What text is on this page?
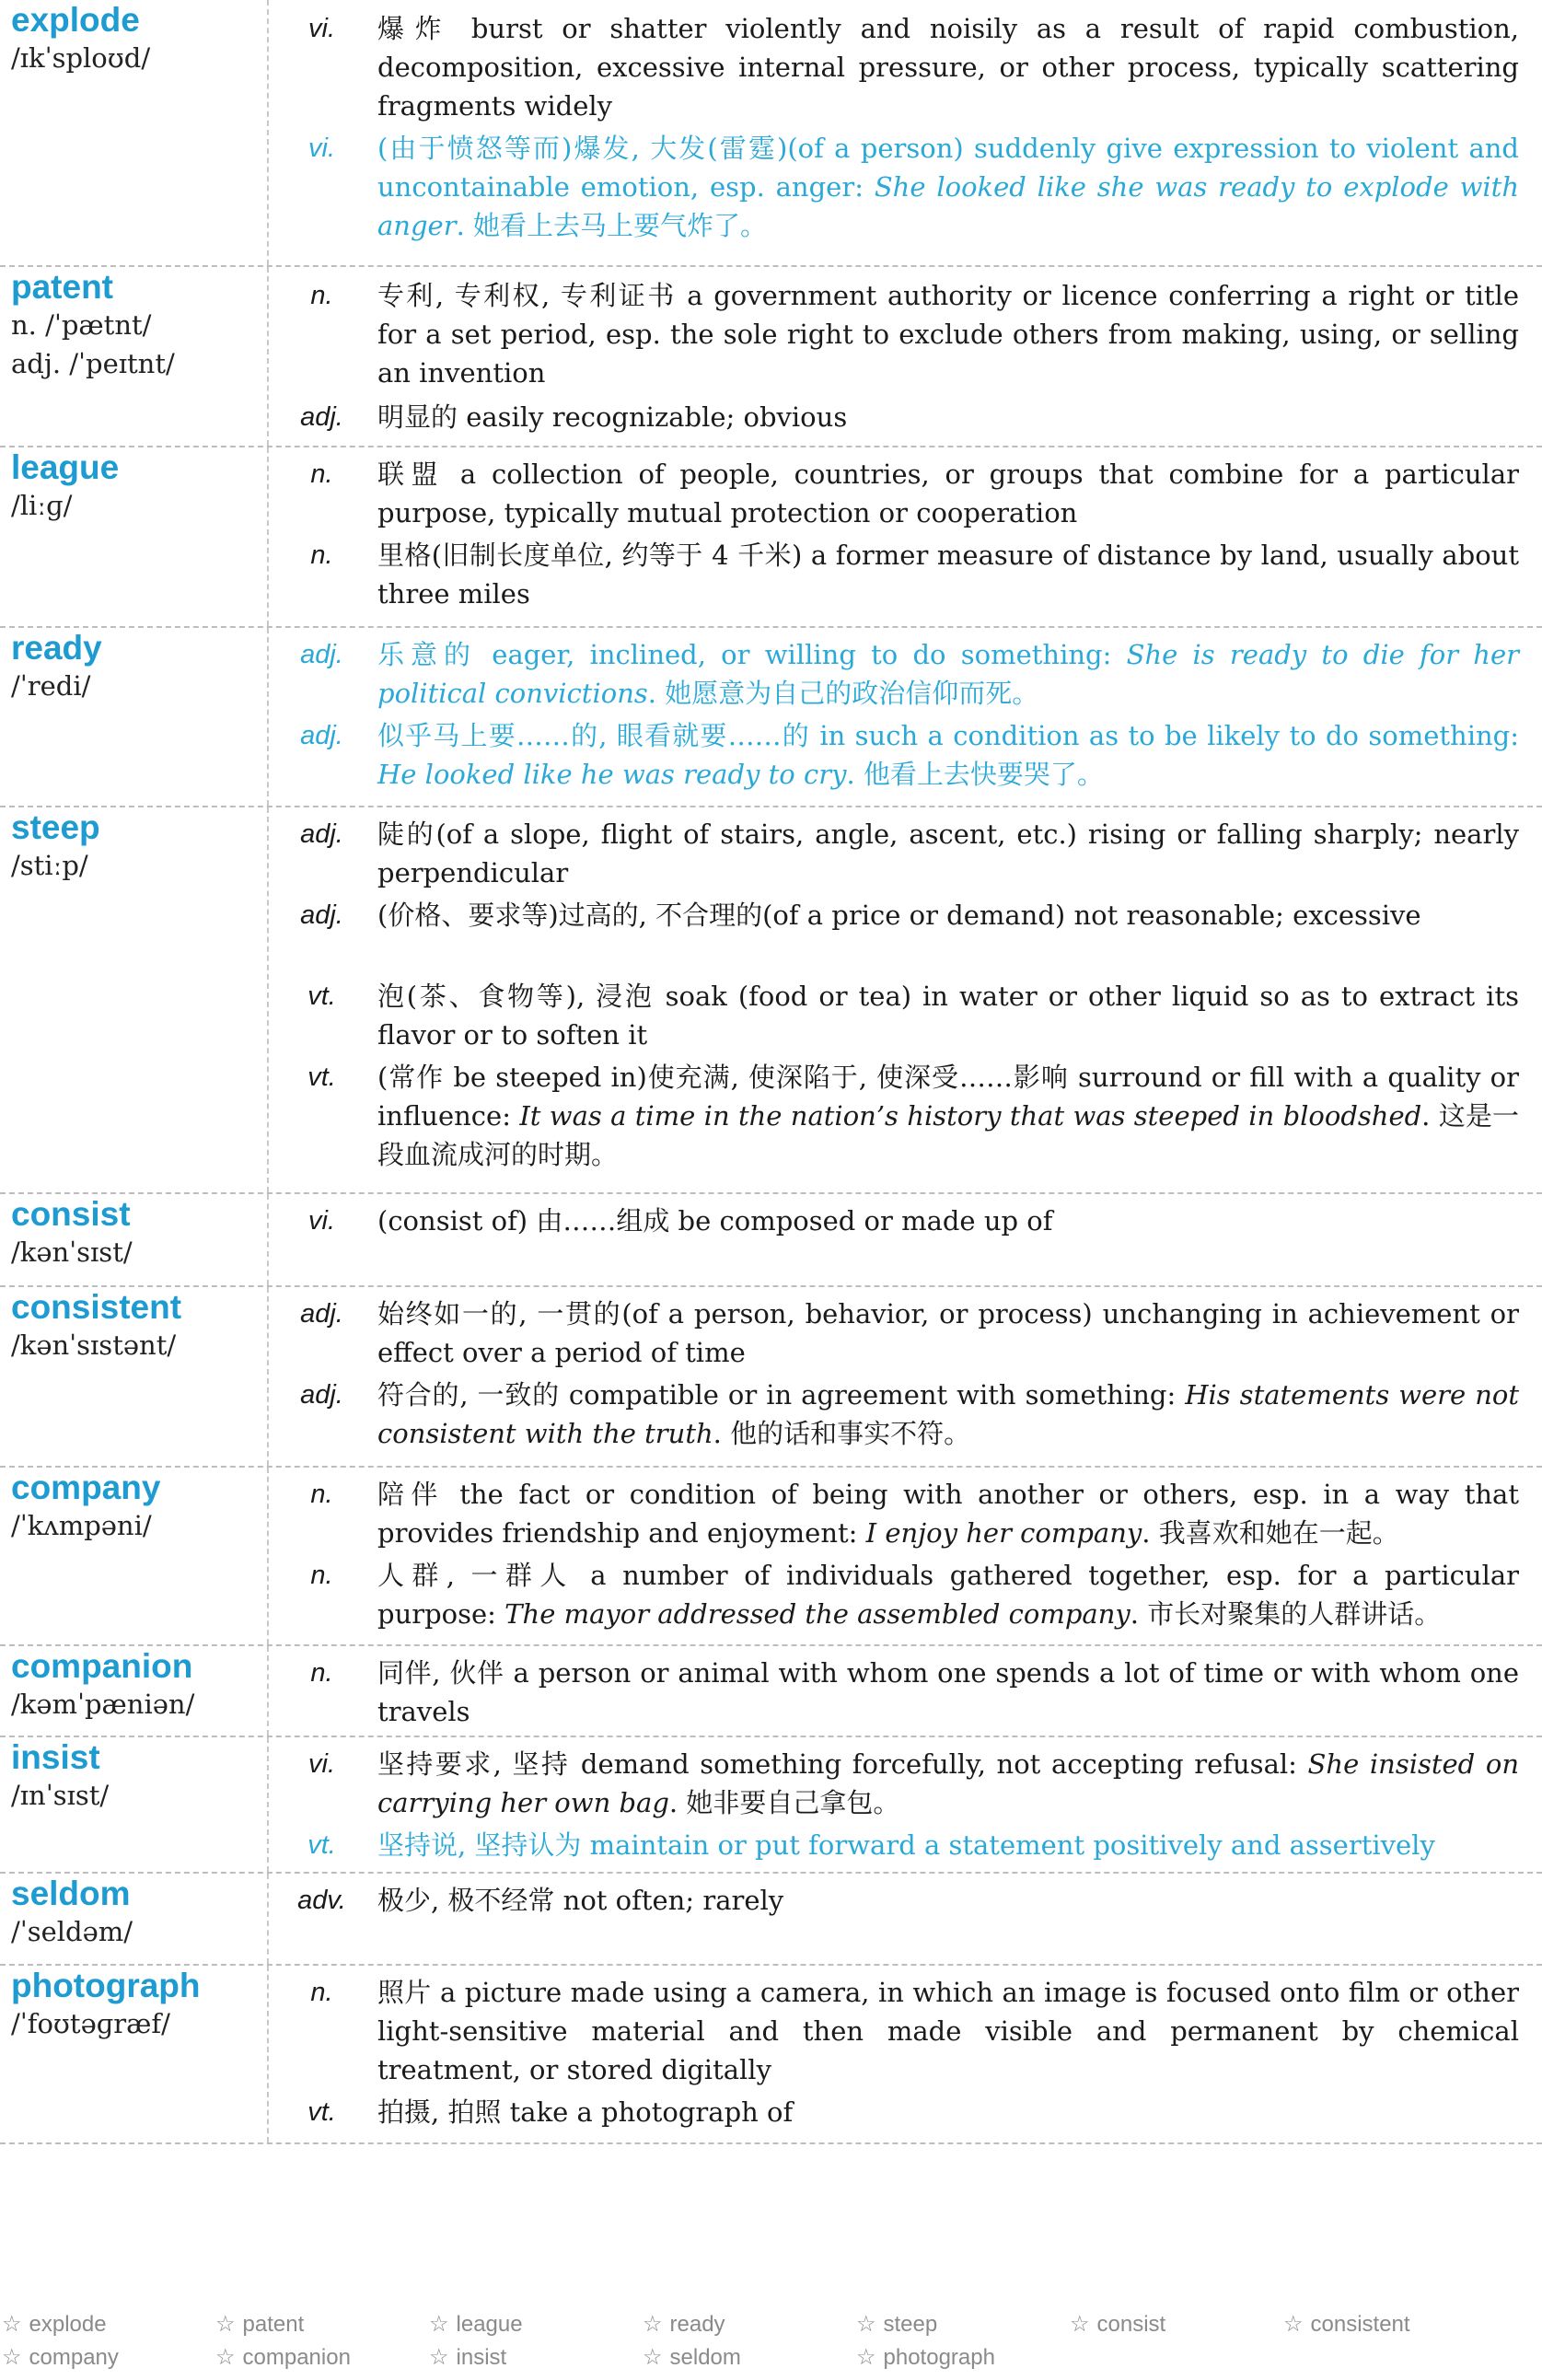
explode
/ɪkˈsploʊd/
vi.	爆炸 burst or shatter violently and noisily as a result of rapid combustion, decomposition, excessive internal pressure, or other process, typically scattering fragments widely
vi.	(由于愤怒等而)爆发, 大发(雷霆)(of a person) suddenly give expression to violent and uncontainable emotion, esp. anger: She looked like she was ready to explode with anger. 她看上去马上要气炸了。
patent
n. /ˈpætnt/
adj. /ˈpeɪtnt/
n.	专利, 专利权, 专利证书 a government authority or licence conferring a right or title for a set period, esp. the sole right to exclude others from making, using, or selling an invention
adj.	明显的 easily recognizable; obvious
league
/liːɡ/
n.	联盟 a collection of people, countries, or groups that combine for a particular purpose, typically mutual protection or cooperation
n.	里格(旧制长度单位, 约等于 4 千米) a former measure of distance by land, usually about three miles
ready
/ˈredi/
adj.	乐意的 eager, inclined, or willing to do something: She is ready to die for her political convictions. 她愿意为自己的政治信仰而死。
adj.	似乎马上要……的, 眼看就要……的 in such a condition as to be likely to do something: He looked like he was ready to cry. 他看上去快要哭了。
steep
/stiːp/
adj.	陡的(of a slope, flight of stairs, angle, ascent, etc.) rising or falling sharply; nearly perpendicular
adj.	(价格、要求等)过高的, 不合理的(of a price or demand) not reasonable; excessive
vt.	泡(茶、食物等), 浸泡 soak (food or tea) in water or other liquid so as to extract its flavor or to soften it
vt.	(常作 be steeped in)使充满, 使深陷于, 使深受……影响 surround or fill with a quality or influence: It was a time in the nation’s history that was steeped in bloodshed. 这是一段血流成河的时期。
consist
/kənˈsɪst/
vi.	(consist of) 由……组成 be composed or made up of
consistent
/kənˈsɪstənt/
adj.	始终如一的, 一贯的(of a person, behavior, or process) unchanging in achievement or effect over a period of time
adj.	符合的, 一致的 compatible or in agreement with something: His statements were not consistent with the truth. 他的话和事实不符。
company
/ˈkʌmpəni/
n.	陪伴 the fact or condition of being with another or others, esp. in a way that provides friendship and enjoyment: I enjoy her company. 我喜欢和她在一起。
n.	人群, 一群人 a number of individuals gathered together, esp. for a particular purpose: The mayor addressed the assembled company. 市长对聚集的人群讲话。
companion
/kəmˈpæniən/
n.	同伴, 伙伴 a person or animal with whom one spends a lot of time or with whom one travels
insist
/ɪnˈsɪst/
vi.	坚持要求, 坚持 demand something forcefully, not accepting refusal: She insisted on carrying her own bag. 她非要自己拿包。
vt.	坚持说, 坚持认为 maintain or put forward a statement positively and assertively
seldom
/ˈseldəm/
adv.	极少, 极不经常 not often; rarely
photograph
/ˈfoʊtəɡræf/
n.	照片 a picture made using a camera, in which an image is focused onto film or other light-sensitive material and then made visible and permanent by chemical treatment, or stored digitally
vt.	拍摄, 拍照 take a photograph of
☆ explode	☆ patent	☆ league	☆ ready	☆ steep	☆ consist	☆ consistent
☆ company	☆ companion	☆ insist	☆ seldom	☆ photograph
